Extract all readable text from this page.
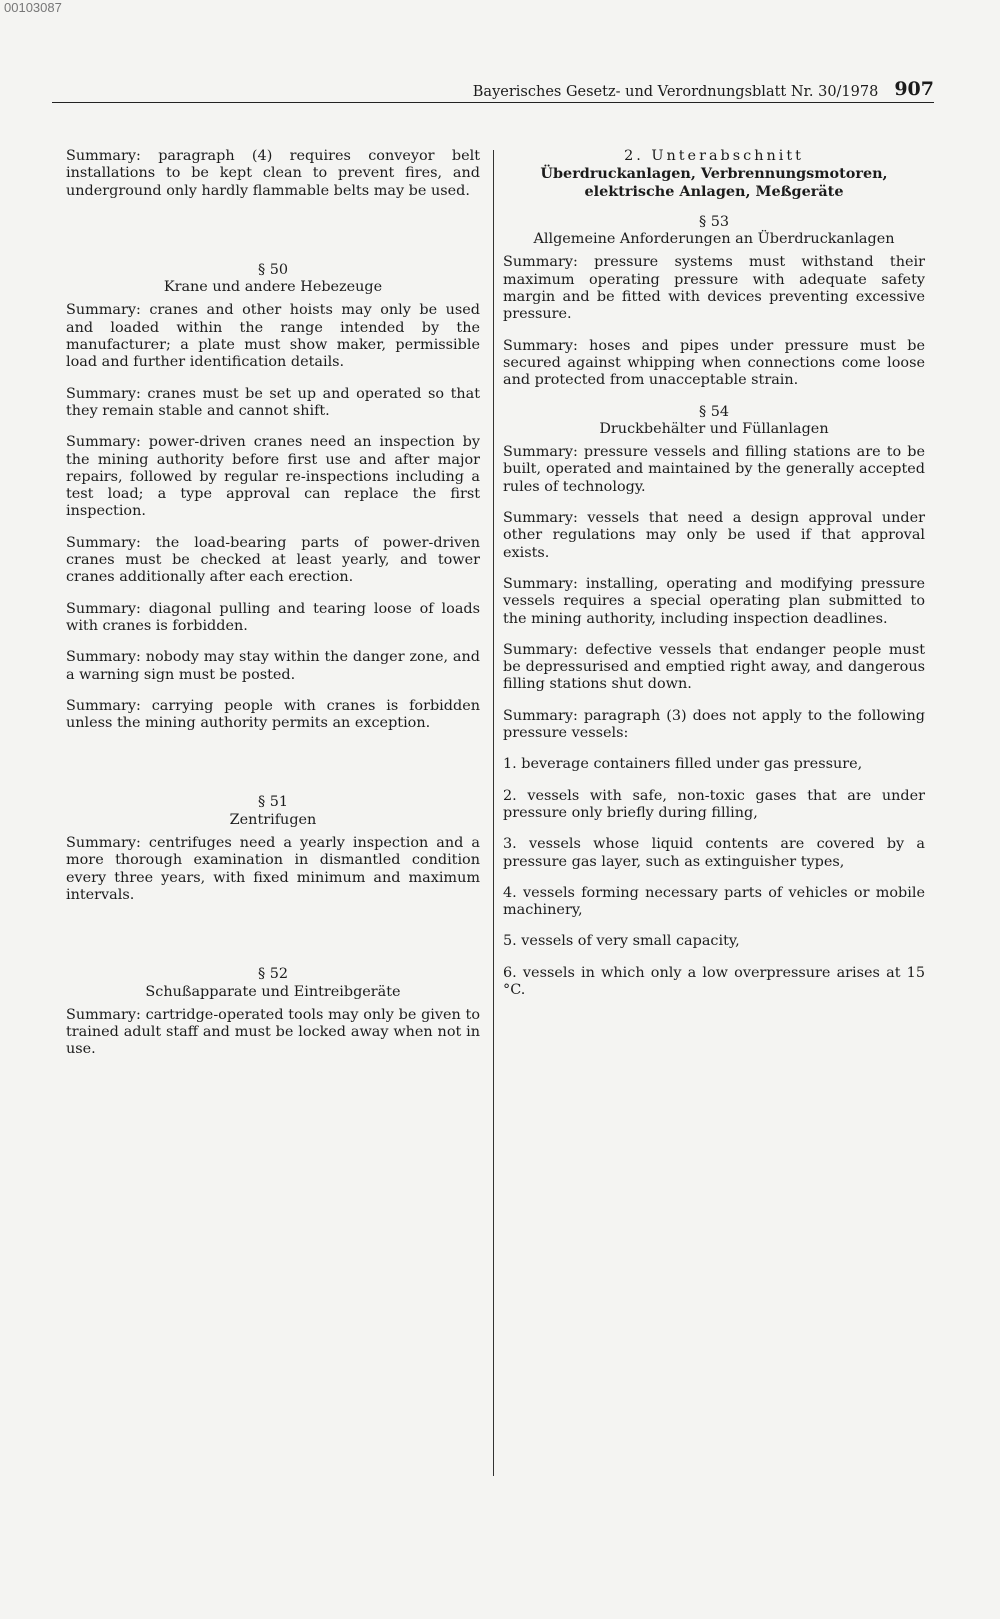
00103087
Bayerisches Gesetz- und Verordnungsblatt Nr. 30/1978 907

Summary: paragraph (4) requires conveyor belt installations to be kept clean to prevent fires, and underground only hardly flammable belts may be used.

§ 50
Krane und andere Hebezeuge

Summary: cranes and other hoists may only be used and loaded within the range intended by the manufacturer; a plate must show maker, permissible load and further identification details.

Summary: cranes must be set up and operated so that they remain stable and cannot shift.

Summary: power-driven cranes need an inspection by the mining authority before first use and after major repairs, followed by regular re-inspections including a test load; a type approval can replace the first inspection.

Summary: the load-bearing parts of power-driven cranes must be checked at least yearly, and tower cranes additionally after each erection.

Summary: diagonal pulling and tearing loose of loads with cranes is forbidden.

Summary: nobody may stay within the danger zone, and a warning sign must be posted.

Summary: carrying people with cranes is forbidden unless the mining authority permits an exception.

§ 51
Zentrifugen

Summary: centrifuges need a yearly inspection and a more thorough examination in dismantled condition every three years, with fixed minimum and maximum intervals.

§ 52
Schußapparate und Eintreibgeräte

Summary: cartridge-operated tools may only be given to trained adult staff and must be locked away when not in use.

2. Unterabschnitt
Überdruckanlagen, Verbrennungsmotoren, elektrische Anlagen, Meßgeräte
§ 53
Allgemeine Anforderungen an Überdruckanlagen

Summary: pressure systems must withstand their maximum operating pressure with adequate safety margin and be fitted with devices preventing excessive pressure.

Summary: hoses and pipes under pressure must be secured against whipping when connections come loose and protected from unacceptable strain.

§ 54
Druckbehälter und Füllanlagen

Summary: pressure vessels and filling stations are to be built, operated and maintained by the generally accepted rules of technology.

Summary: vessels that need a design approval under other regulations may only be used if that approval exists.

Summary: installing, operating and modifying pressure vessels requires a special operating plan submitted to the mining authority, including inspection deadlines.

Summary: defective vessels that endanger people must be depressurised and emptied right away, and dangerous filling stations shut down.

Summary: paragraph (3) does not apply to the following pressure vessels:

1. beverage containers filled under gas pressure,
2. vessels with safe, non-toxic gases that are under pressure only briefly during filling,
3. vessels whose liquid contents are covered by a pressure gas layer, such as extinguisher types,
4. vessels forming necessary parts of vehicles or mobile machinery,
5. vessels of very small capacity,
6. vessels in which only a low overpressure arises at 15 °C.
